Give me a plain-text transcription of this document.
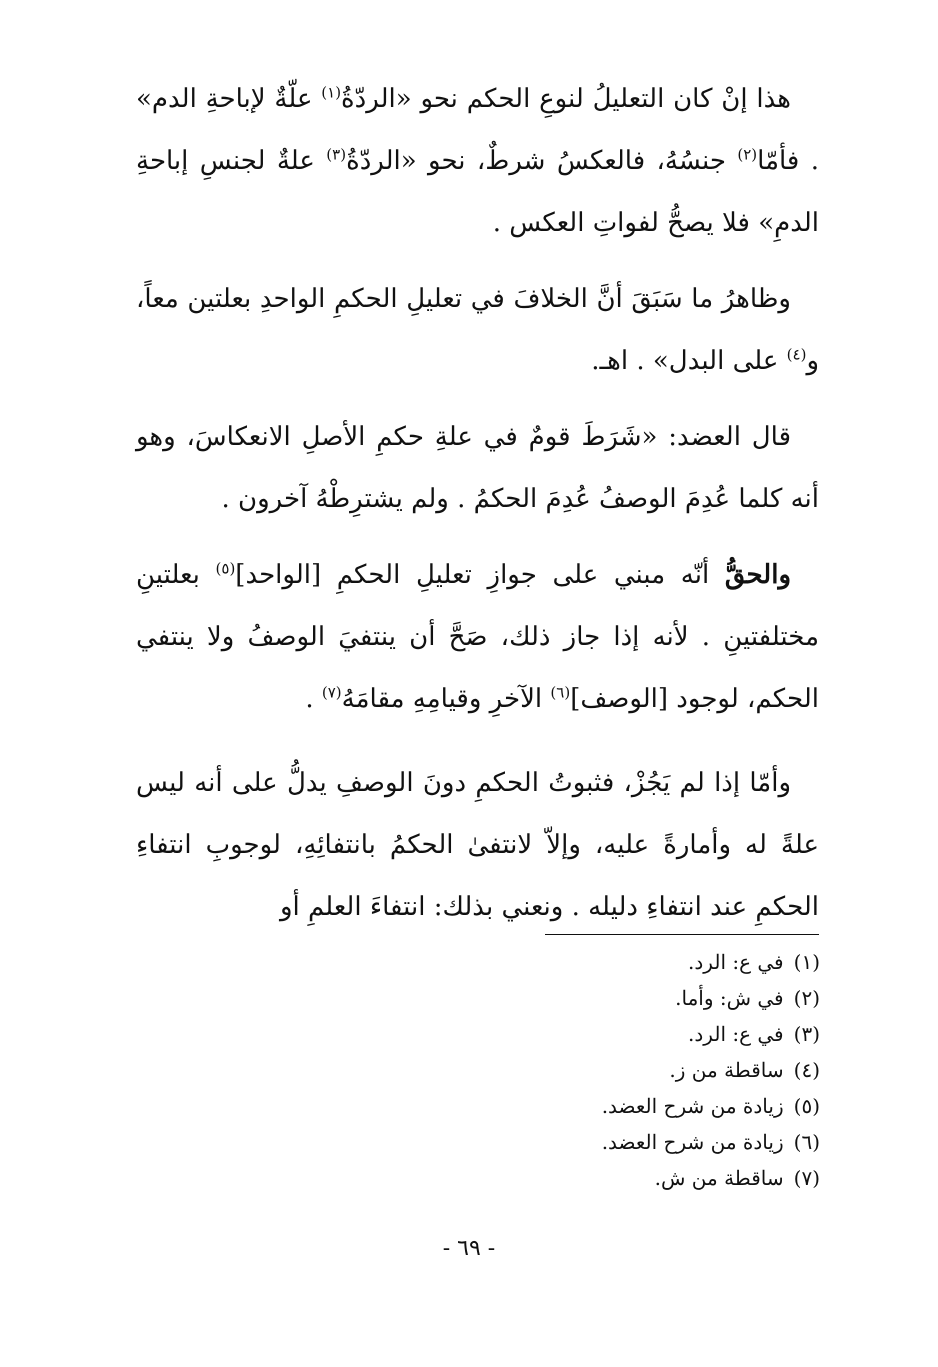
هذا إنْ كان التعليلُ لنوعِ الحكم نحو «الردّةُ$^{(١)}$ علّةٌ لإباحةِ الدم» . فأمّا$^{(٢)}$ جنسُهُ، فالعكسُ شرطٌ، نحو «الردّةُ$^{(٣)}$ علةٌ لجنسِ إباحةِ الدمِ» فلا يصحُّ لفواتِ العكس .

وظاهرُ ما سَبَقَ أنَّ الخلافَ في تعليلِ الحكمِ الواحدِ بعلتين معاً، و$^{(٤)}$ على البدل» . اهـ.

قال العضد: «شَرَطَ قومٌ في علةِ حكمِ الأصلِ الانعكاسَ، وهو أنه كلما عُدِمَ الوصفُ عُدِمَ الحكمُ . ولم يشترِطْهُ آخرون .

والحقُّ أنّه مبني على جوازِ تعليلِ الحكمِ [الواحد]$^{(٥)}$ بعلتينِ مختلفتينِ . لأنه إذا جاز ذلك، صَحَّ أن ينتفيَ الوصفُ ولا ينتفي الحكم، لوجود [الوصف]$^{(٦)}$ الآخرِ وقيامِهِ مقامَهُ$^{(٧)}$ .

وأمّا إذا لم يَجُزْ، فثبوتُ الحكمِ دونَ الوصفِ يدلُّ على أنه ليس علةً له وأمارةً عليه، وإلاّ لانتفىٰ الحكمُ بانتفائِهِ، لوجوبِ انتفاءِ الحكمِ عند انتفاءِ دليله . ونعني بذلك: انتفاءَ العلمِ أو

(١)في ع: الرد.
(٢)في ش: وأما.
(٣)في ع: الرد.
(٤)ساقطة من ز.
(٥)زيادة من شرح العضد.
(٦)زيادة من شرح العضد.
(٧)ساقطة من ش.
- ٦٩ -
